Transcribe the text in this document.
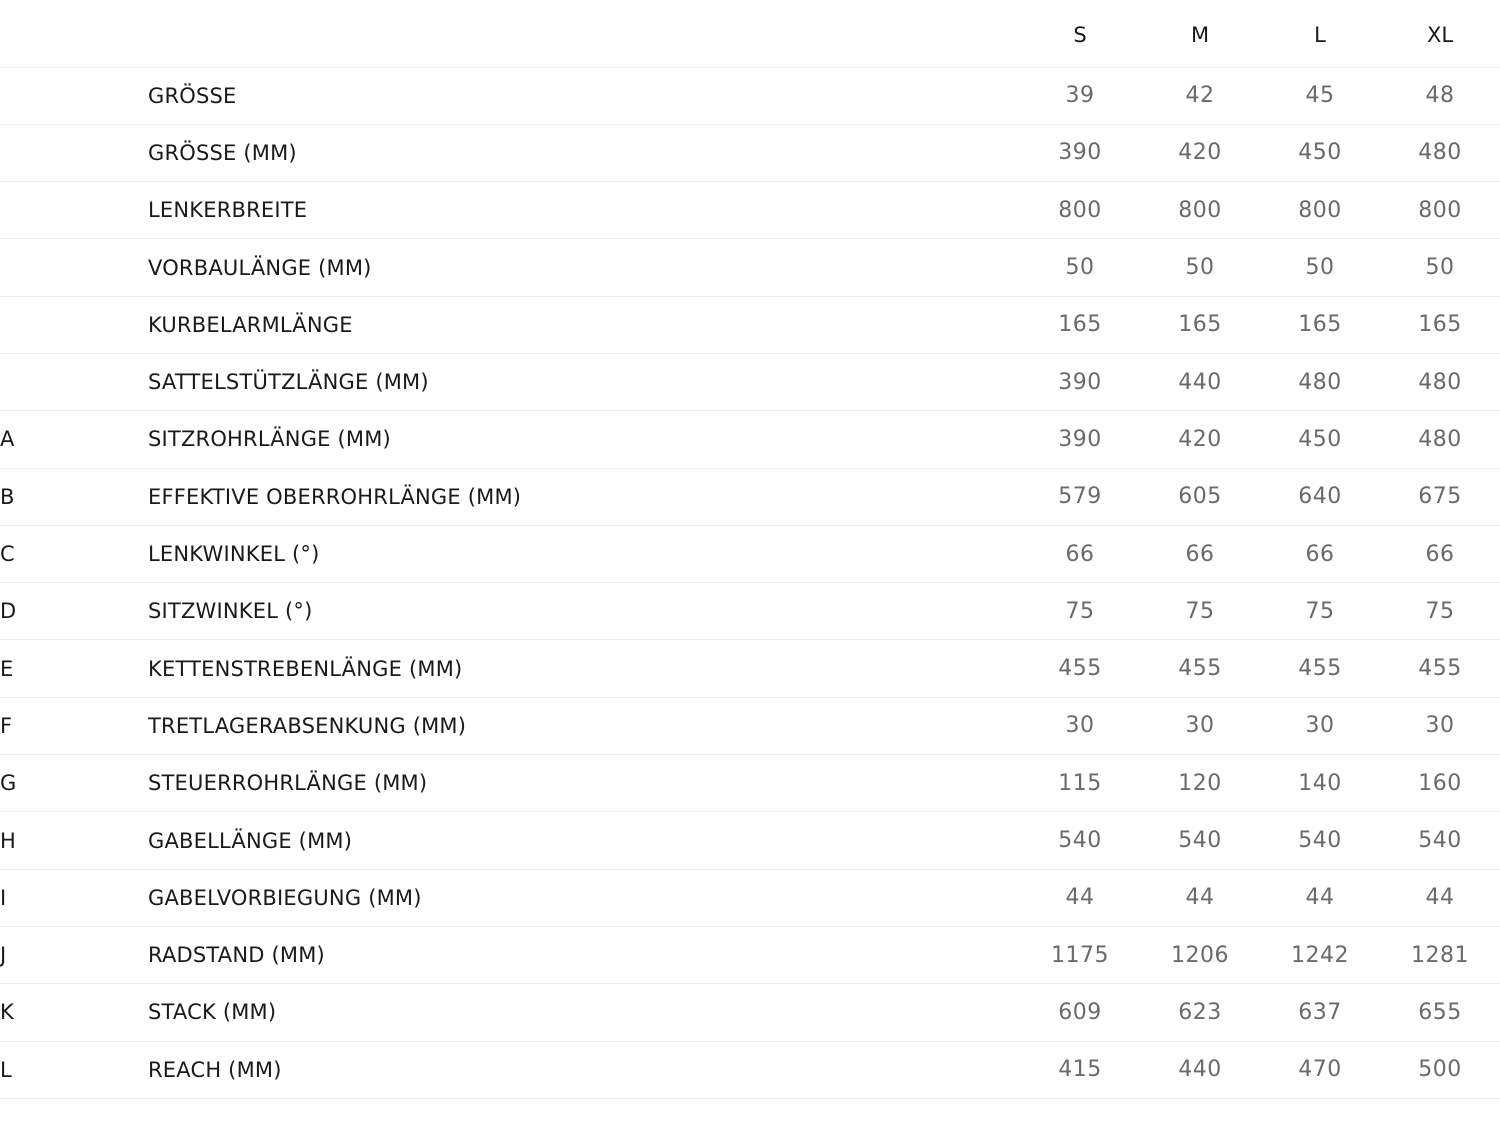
		S	M	L	XL
	GRÖSSE	39	42	45	48
	GRÖSSE (MM)	390	420	450	480
	LENKERBREITE	800	800	800	800
	VORBAULÄNGE (MM)	50	50	50	50
	KURBELARMLÄNGE	165	165	165	165
	SATTELSTÜTZLÄNGE (MM)	390	440	480	480
A	SITZROHRLÄNGE (MM)	390	420	450	480
B	EFFEKTIVE OBERROHRLÄNGE (MM)	579	605	640	675
C	LENKWINKEL (°)	66	66	66	66
D	SITZWINKEL (°)	75	75	75	75
E	KETTENSTREBENLÄNGE (MM)	455	455	455	455
F	TRETLAGERABSENKUNG (MM)	30	30	30	30
G	STEUERROHRLÄNGE (MM)	115	120	140	160
H	GABELLÄNGE (MM)	540	540	540	540
I	GABELVORBIEGUNG (MM)	44	44	44	44
J	RADSTAND (MM)	1175	1206	1242	1281
K	STACK (MM)	609	623	637	655
L	REACH (MM)	415	440	470	500
